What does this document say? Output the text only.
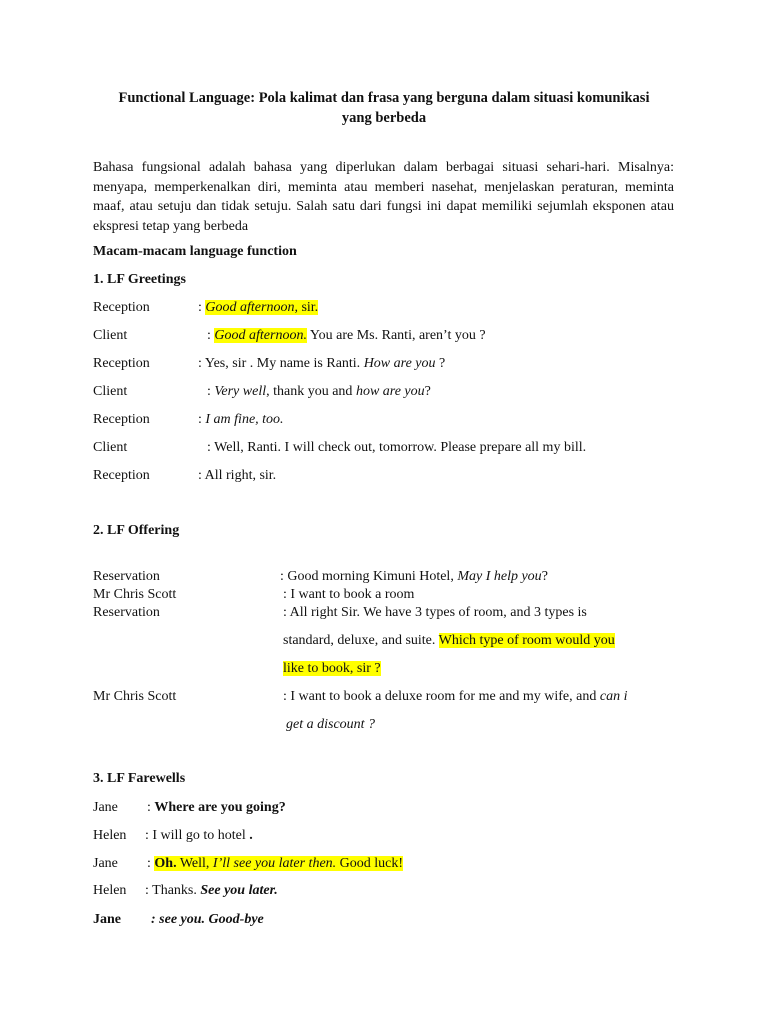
Functional Language: Pola kalimat dan frasa yang berguna dalam situasi komunikasi
yang berbeda
Bahasa fungsional adalah bahasa yang diperlukan dalam berbagai situasi sehari-hari. Misalnya: menyapa, memperkenalkan diri, meminta atau memberi nasehat, menjelaskan peraturan, meminta maaf, atau setuju dan tidak setuju. Salah satu dari fungsi ini dapat memiliki sejumlah eksponen atau ekspresi tetap yang berbeda
Macam-macam language function
1. LF Greetings
Reception	: Good afternoon, sir.
Client	: Good afternoon. You are Ms. Ranti, aren’t you ?
Reception	: Yes, sir . My name is Ranti. How are you ?
Client	: Very well, thank you and how are you?
Reception	: I am fine, too.
Client	: Well, Ranti. I will check out, tomorrow. Please prepare all my bill.
Reception	: All right, sir.
2. LF Offering
Reservation	: Good morning Kimuni Hotel, May I help you?
Mr Chris Scott	: I want to book a room
Reservation	: All right Sir. We have 3 types of room, and 3 types is
standard, deluxe, and suite. Which type of room would you
like to book, sir ?
Mr Chris Scott	: I want to book a deluxe room for me and my wife, and can i
get a discount ?
3. LF Farewells
Jane : Where are you going?
Helen : I will go to hotel .
Jane : Oh. Well, I’ll see you later then. Good luck!
Helen : Thanks. See you later.
Jane : see you. Good-bye
